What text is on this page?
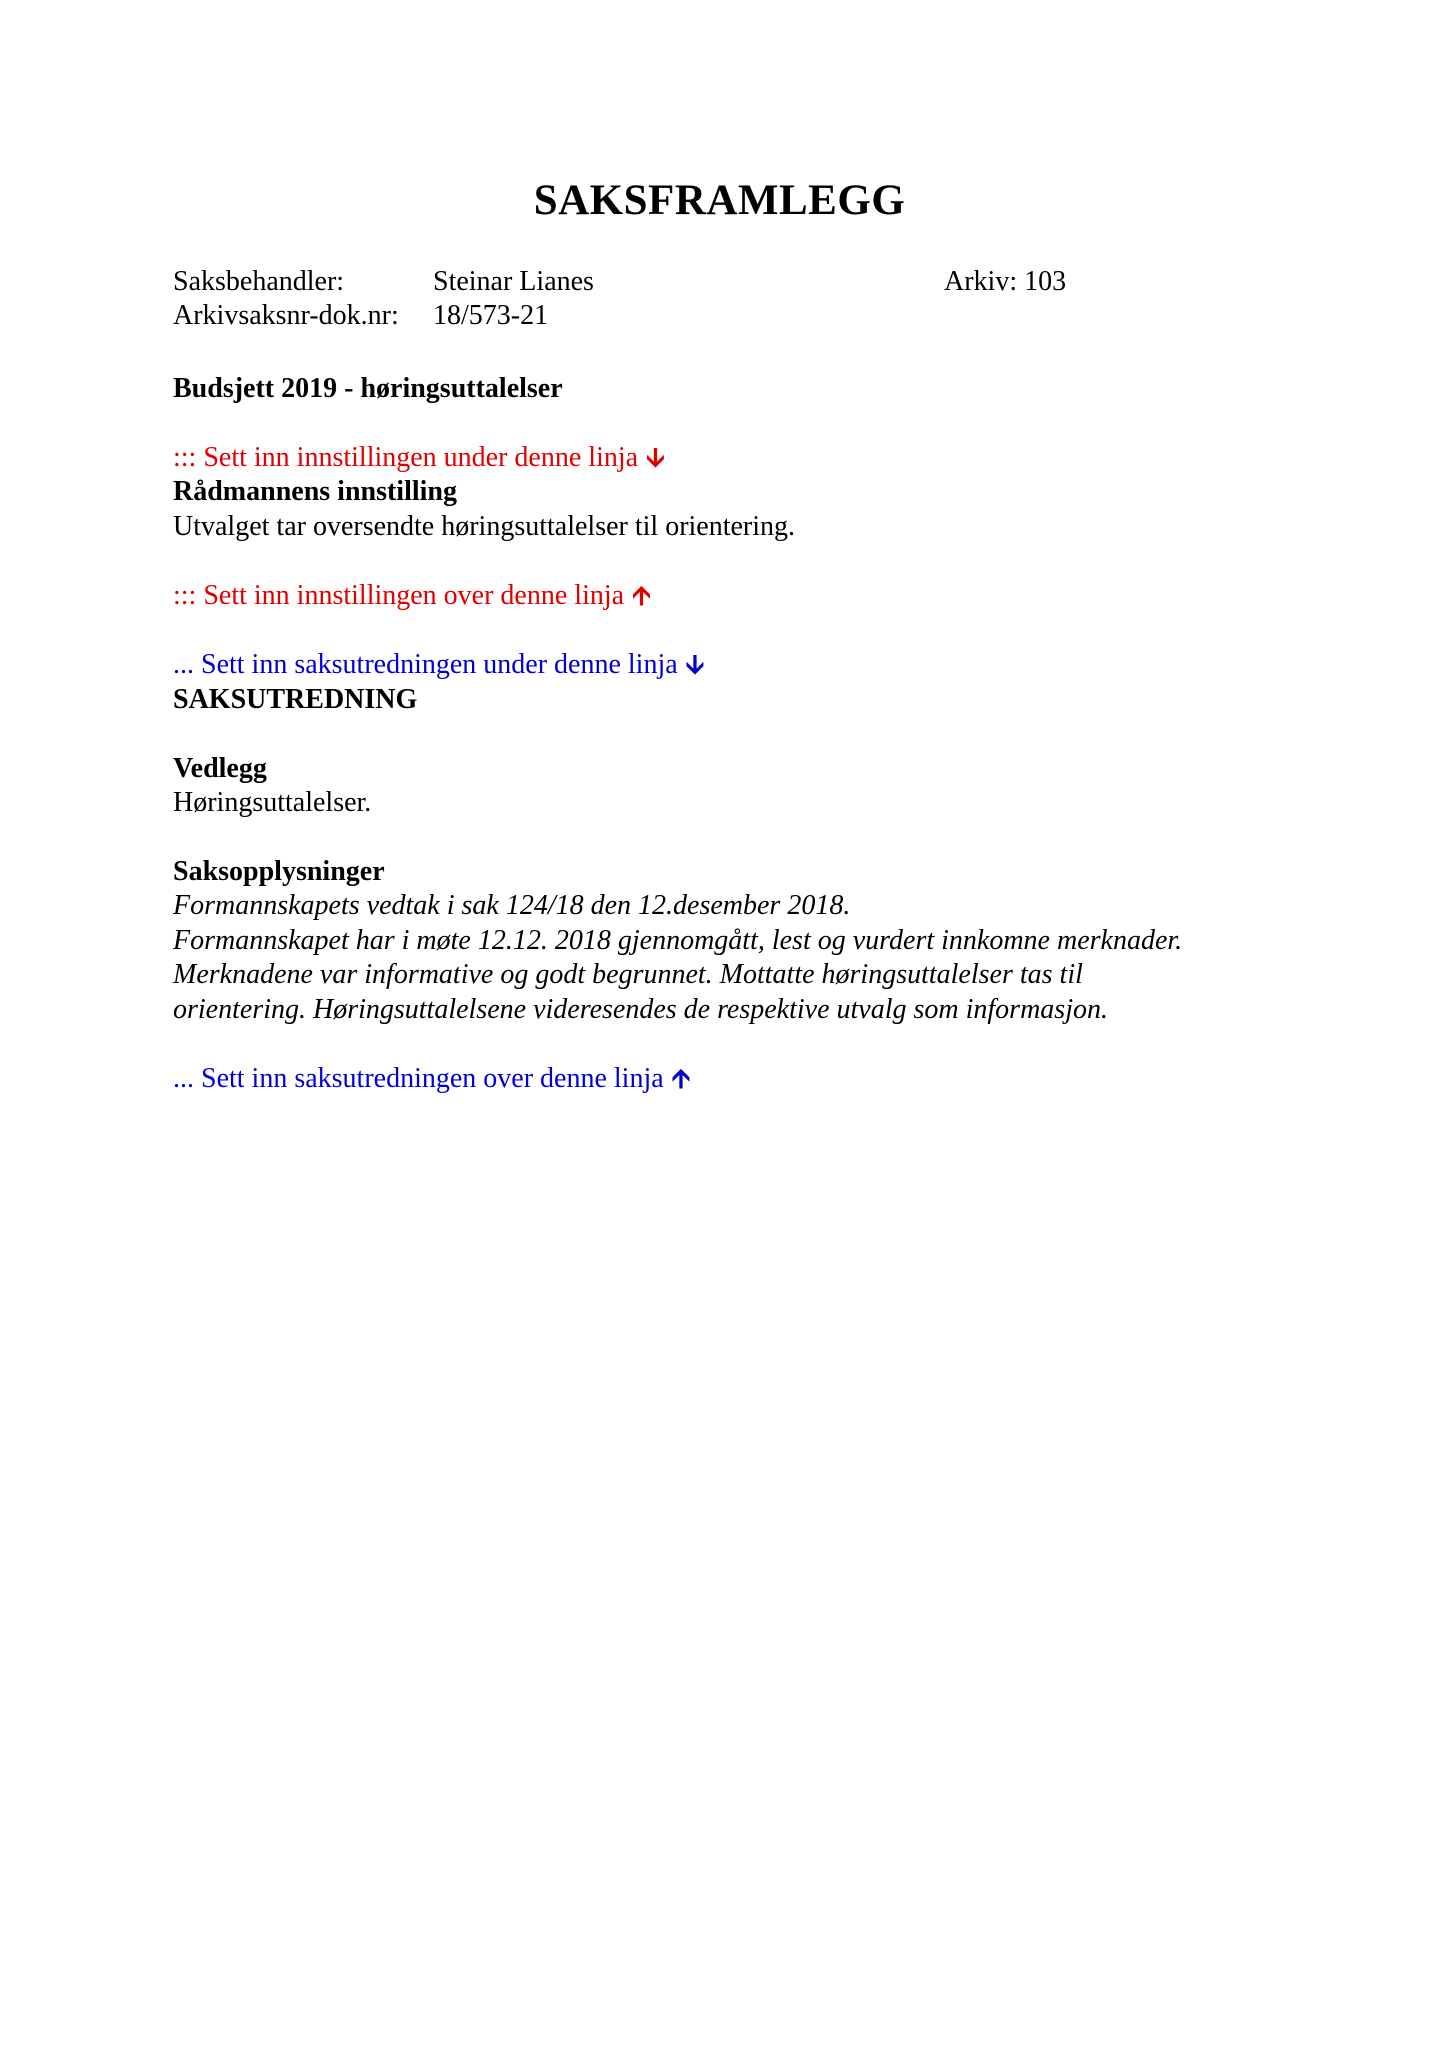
SAKSFRAMLEGG
Saksbehandler:	Steinar Lianes	Arkiv: 103
Arkivsaksnr-dok.nr: 18/573-21
Budsjett 2019 - høringsuttalelser
::: Sett inn innstillingen under denne linja 🡫
Rådmannens innstilling
Utvalget tar oversendte høringsuttalelser til orientering.
::: Sett inn innstillingen over denne linja 🡩
... Sett inn saksutredningen under denne linja 🡫
SAKSUTREDNING
Vedlegg
Høringsuttalelser.
Saksopplysninger
Formannskapets vedtak i sak 124/18 den 12.desember 2018.
Formannskapet har i møte 12.12. 2018 gjennomgått, lest og vurdert innkomne merknader.
Merknadene var informative og godt begrunnet. Mottatte høringsuttalelser tas til
orientering. Høringsuttalelsene videresendes de respektive utvalg som informasjon.
... Sett inn saksutredningen over denne linja 🡩
